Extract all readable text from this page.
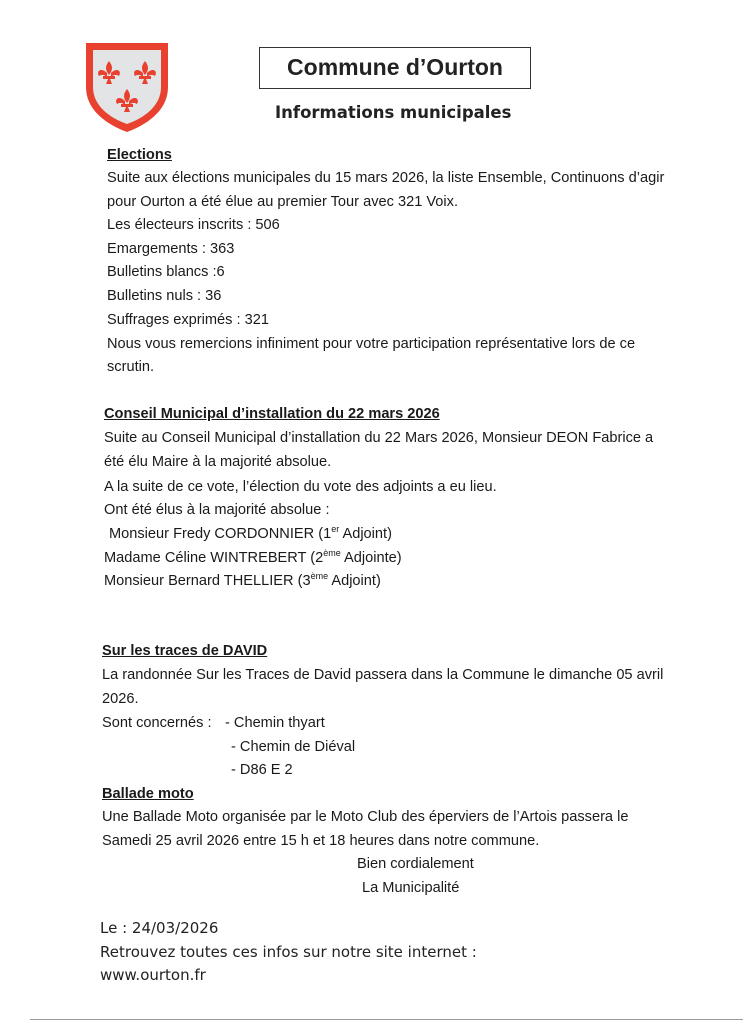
Commune d’Ourton
Informations municipales
Elections
Suite aux élections municipales du 15 mars 2026, la liste Ensemble, Continuons d’agir
pour Ourton a été élue au premier Tour avec 321 Voix.
Les électeurs inscrits : 506
Emargements : 363
Bulletins blancs :6
Bulletins nuls : 36
Suffrages exprimés : 321
Nous vous remercions infiniment pour votre participation représentative lors de ce
scrutin.
Conseil Municipal d’installation du 22 mars 2026
Suite au Conseil Municipal d’installation du 22 Mars 2026, Monsieur DEON Fabrice a
été élu Maire à la majorité absolue.
A la suite de ce vote, l’élection du vote des adjoints a eu lieu.
Ont été élus à la majorité absolue :
Monsieur Fredy CORDONNIER (1er Adjoint)
Madame Céline WINTREBERT (2ème Adjointe)
Monsieur Bernard THELLIER (3ème Adjoint)
Sur les traces de DAVID
La randonnée Sur les Traces de David passera dans la Commune le dimanche 05 avril
2026.
Sont concernés : - Chemin thyart
- Chemin de Diéval
- D86 E 2
Ballade moto
Une Ballade Moto organisée par le Moto Club des éperviers de l’Artois passera le
Samedi 25 avril 2026 entre 15 h et 18 heures dans notre commune.
Bien cordialement
La Municipalité
Le : 24/03/2026
Retrouvez toutes ces infos sur notre site internet :
www.ourton.fr
